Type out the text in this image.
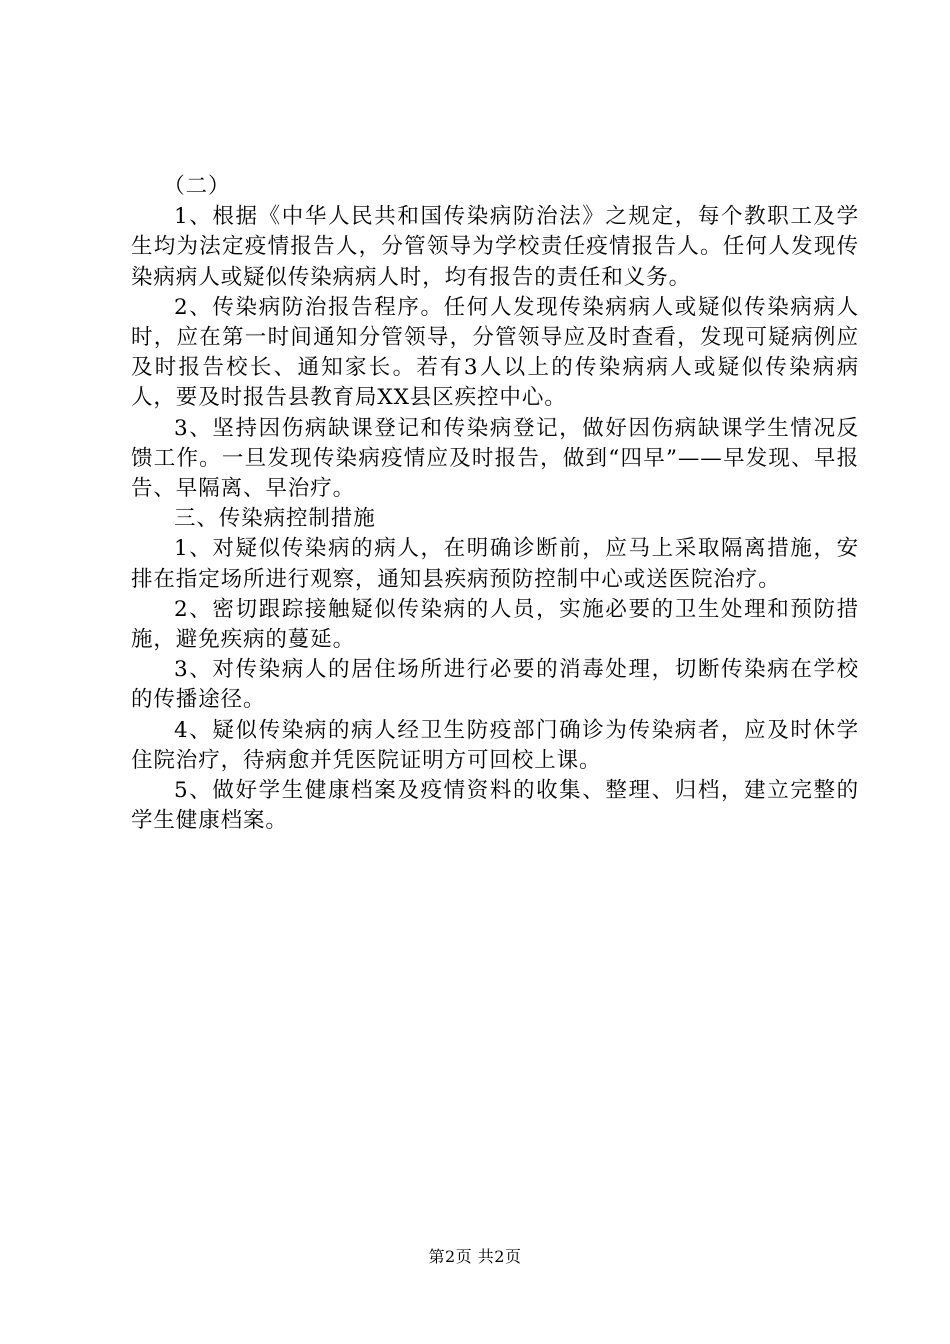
（二）

1、根据《中华人民共和国传染病防治法》之规定，每个教职工及学生均为法定疫情报告人，分管领导为学校责任疫情报告人。任何人发现传染病病人或疑似传染病病人时，均有报告的责任和义务。

2、传染病防治报告程序。任何人发现传染病病人或疑似传染病病人时，应在第一时间通知分管领导，分管领导应及时查看，发现可疑病例应及时报告校长、通知家长。若有3人以上的传染病病人或疑似传染病病人，要及时报告县教育局XX县区疾控中心。

3、坚持因伤病缺课登记和传染病登记，做好因伤病缺课学生情况反馈工作。一旦发现传染病疫情应及时报告，做到“四早”——早发现、早报告、早隔离、早治疗。

三、传染病控制措施

1、对疑似传染病的病人，在明确诊断前，应马上采取隔离措施，安排在指定场所进行观察，通知县疾病预防控制中心或送医院治疗。

2、密切跟踪接触疑似传染病的人员，实施必要的卫生处理和预防措施，避免疾病的蔓延。

3、对传染病人的居住场所进行必要的消毒处理，切断传染病在学校的传播途径。

4、疑似传染病的病人经卫生防疫部门确诊为传染病者，应及时休学住院治疗，待病愈并凭医院证明方可回校上课。

5、做好学生健康档案及疫情资料的收集、整理、归档，建立完整的学生健康档案。

第2页 共2页
